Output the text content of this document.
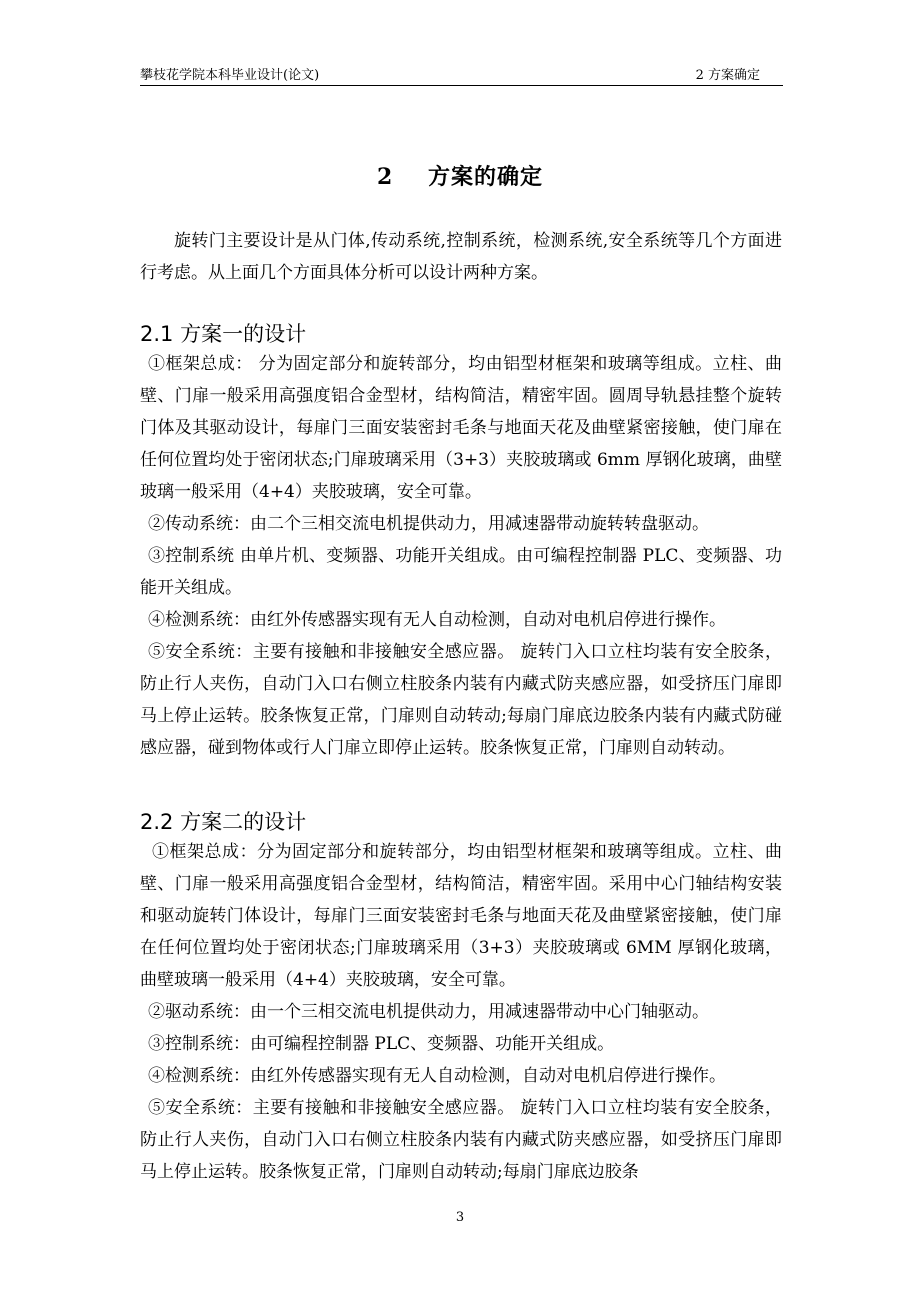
攀枝花学院本科毕业设计(论文)	2 方案确定
2    方案的确定

旋转门主要设计是从门体,传动系统,控制系统，检测系统,安全系统等几个方面进行考虑。从上面几个方面具体分析可以设计两种方案。

2.1 方案一的设计

①框架总成： 分为固定部分和旋转部分，均由铝型材框架和玻璃等组成。立柱、曲壁、门扉一般采用高强度铝合金型材，结构简洁，精密牢固。圆周导轨悬挂整个旋转门体及其驱动设计，每扉门三面安装密封毛条与地面天花及曲壁紧密接触，使门扉在任何位置均处于密闭状态;门扉玻璃采用（3+3）夹胶玻璃或 6mm 厚钢化玻璃，曲壁玻璃一般采用（4+4）夹胶玻璃，安全可靠。

②传动系统：由二个三相交流电机提供动力，用减速器带动旋转转盘驱动。

③控制系统 由单片机、变频器、功能开关组成。由可编程控制器 PLC、变频器、功能开关组成。

④检测系统：由红外传感器实现有无人自动检测，自动对电机启停进行操作。

⑤安全系统：主要有接触和非接触安全感应器。 旋转门入口立柱均装有安全胶条，防止行人夹伤，自动门入口右侧立柱胶条内装有内藏式防夹感应器，如受挤压门扉即马上停止运转。胶条恢复正常，门扉则自动转动;每扇门扉底边胶条内装有内藏式防碰感应器，碰到物体或行人门扉立即停止运转。胶条恢复正常，门扉则自动转动。

2.2 方案二的设计

①框架总成：分为固定部分和旋转部分，均由铝型材框架和玻璃等组成。立柱、曲壁、门扉一般采用高强度铝合金型材，结构简洁，精密牢固。采用中心门轴结构安装和驱动旋转门体设计，每扉门三面安装密封毛条与地面天花及曲壁紧密接触，使门扉在任何位置均处于密闭状态;门扉玻璃采用（3+3）夹胶玻璃或 6MM 厚钢化玻璃，曲壁玻璃一般采用（4+4）夹胶玻璃，安全可靠。

②驱动系统：由一个三相交流电机提供动力，用减速器带动中心门轴驱动。

③控制系统：由可编程控制器 PLC、变频器、功能开关组成。

④检测系统：由红外传感器实现有无人自动检测，自动对电机启停进行操作。

⑤安全系统：主要有接触和非接触安全感应器。 旋转门入口立柱均装有安全胶条，防止行人夹伤，自动门入口右侧立柱胶条内装有内藏式防夹感应器，如受挤压门扉即马上停止运转。胶条恢复正常，门扉则自动转动;每扇门扉底边胶条

3
